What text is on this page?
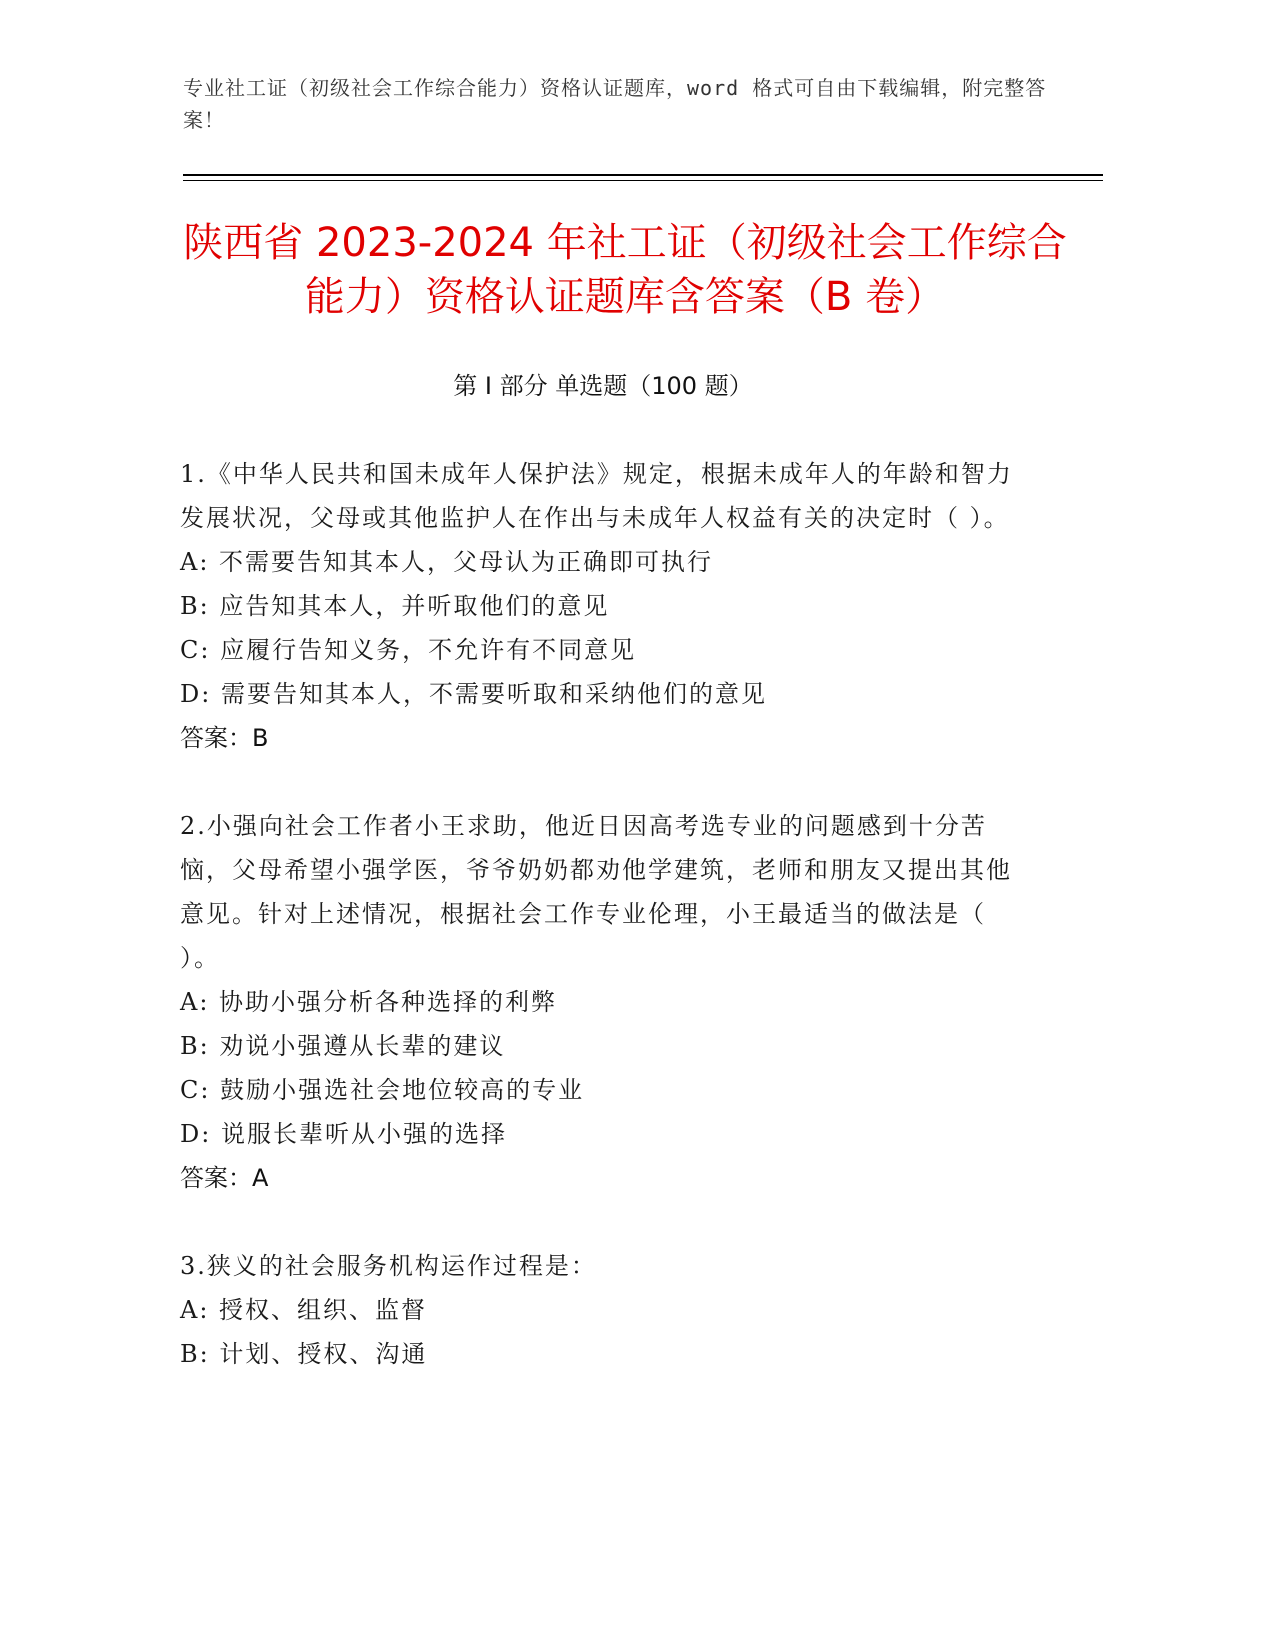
专业社工证（初级社会工作综合能力）资格认证题库，word 格式可自由下载编辑，附完整答案！
陕西省 2023-2024 年社工证（初级社会工作综合能力）资格认证题库含答案（B 卷）
第 I 部分 单选题（100 题）
1.《中华人民共和国未成年人保护法》规定，根据未成年人的年龄和智力发展状况，父母或其他监护人在作出与未成年人权益有关的决定时（ ）。
A: 不需要告知其本人，父母认为正确即可执行
B: 应告知其本人，并听取他们的意见
C: 应履行告知义务，不允许有不同意见
D: 需要告知其本人，不需要听取和采纳他们的意见
答案：B
2.小强向社会工作者小王求助，他近日因高考选专业的问题感到十分苦恼，父母希望小强学医，爷爷奶奶都劝他学建筑，老师和朋友又提出其他意见。针对上述情况，根据社会工作专业伦理，小王最适当的做法是（ ）。
A: 协助小强分析各种选择的利弊
B: 劝说小强遵从长辈的建议
C: 鼓励小强选社会地位较高的专业
D: 说服长辈听从小强的选择
答案：A
3.狭义的社会服务机构运作过程是：
A: 授权、组织、监督
B: 计划、授权、沟通
